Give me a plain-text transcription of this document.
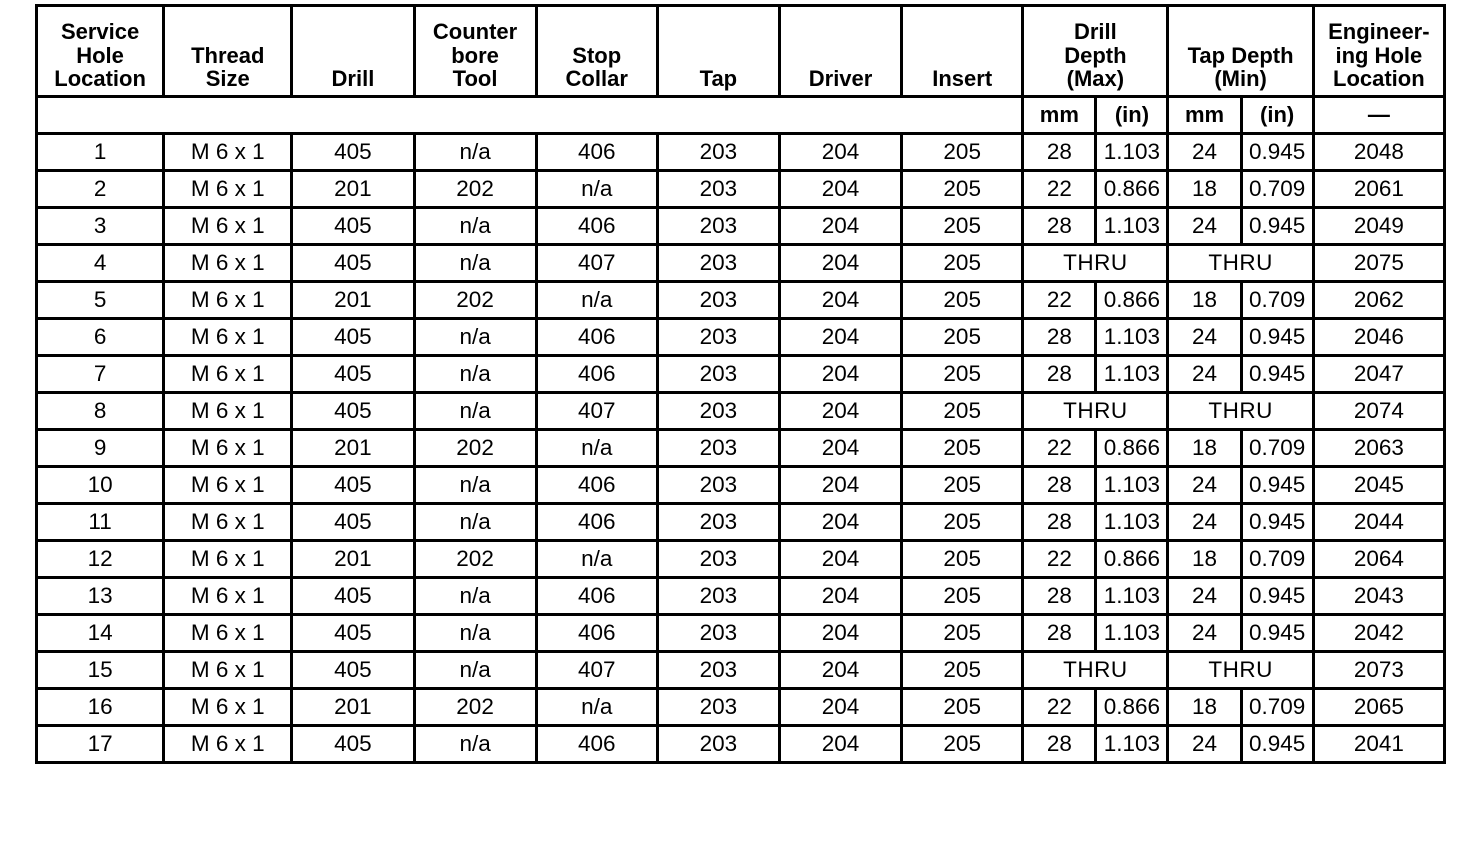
Service
Hole
Location	Thread
Size	Drill	Counter
bore
Tool	Stop
Collar	Tap	Driver	Insert	Drill
Depth
(Max)		Tap Depth
(Min)		Engineer-
ing Hole
Location

								mm	(in)	mm	(in)	—
1	M 6 x 1	405	n/a	406	203	204	205	28	1.103	24	0.945	2048
2	M 6 x 1	201	202	n/a	203	204	205	22	0.866	18	0.709	2061
3	M 6 x 1	405	n/a	406	203	204	205	28	1.103	24	0.945	2049
4	M 6 x 1	405	n/a	407	203	204	205	THRU		THRU		2075
5	M 6 x 1	201	202	n/a	203	204	205	22	0.866	18	0.709	2062
6	M 6 x 1	405	n/a	406	203	204	205	28	1.103	24	0.945	2046
7	M 6 x 1	405	n/a	406	203	204	205	28	1.103	24	0.945	2047
8	M 6 x 1	405	n/a	407	203	204	205	THRU		THRU		2074
9	M 6 x 1	201	202	n/a	203	204	205	22	0.866	18	0.709	2063
10	M 6 x 1	405	n/a	406	203	204	205	28	1.103	24	0.945	2045
11	M 6 x 1	405	n/a	406	203	204	205	28	1.103	24	0.945	2044
12	M 6 x 1	201	202	n/a	203	204	205	22	0.866	18	0.709	2064
13	M 6 x 1	405	n/a	406	203	204	205	28	1.103	24	0.945	2043
14	M 6 x 1	405	n/a	406	203	204	205	28	1.103	24	0.945	2042
15	M 6 x 1	405	n/a	407	203	204	205	THRU		THRU		2073
16	M 6 x 1	201	202	n/a	203	204	205	22	0.866	18	0.709	2065
17	M 6 x 1	405	n/a	406	203	204	205	28	1.103	24	0.945	2041
